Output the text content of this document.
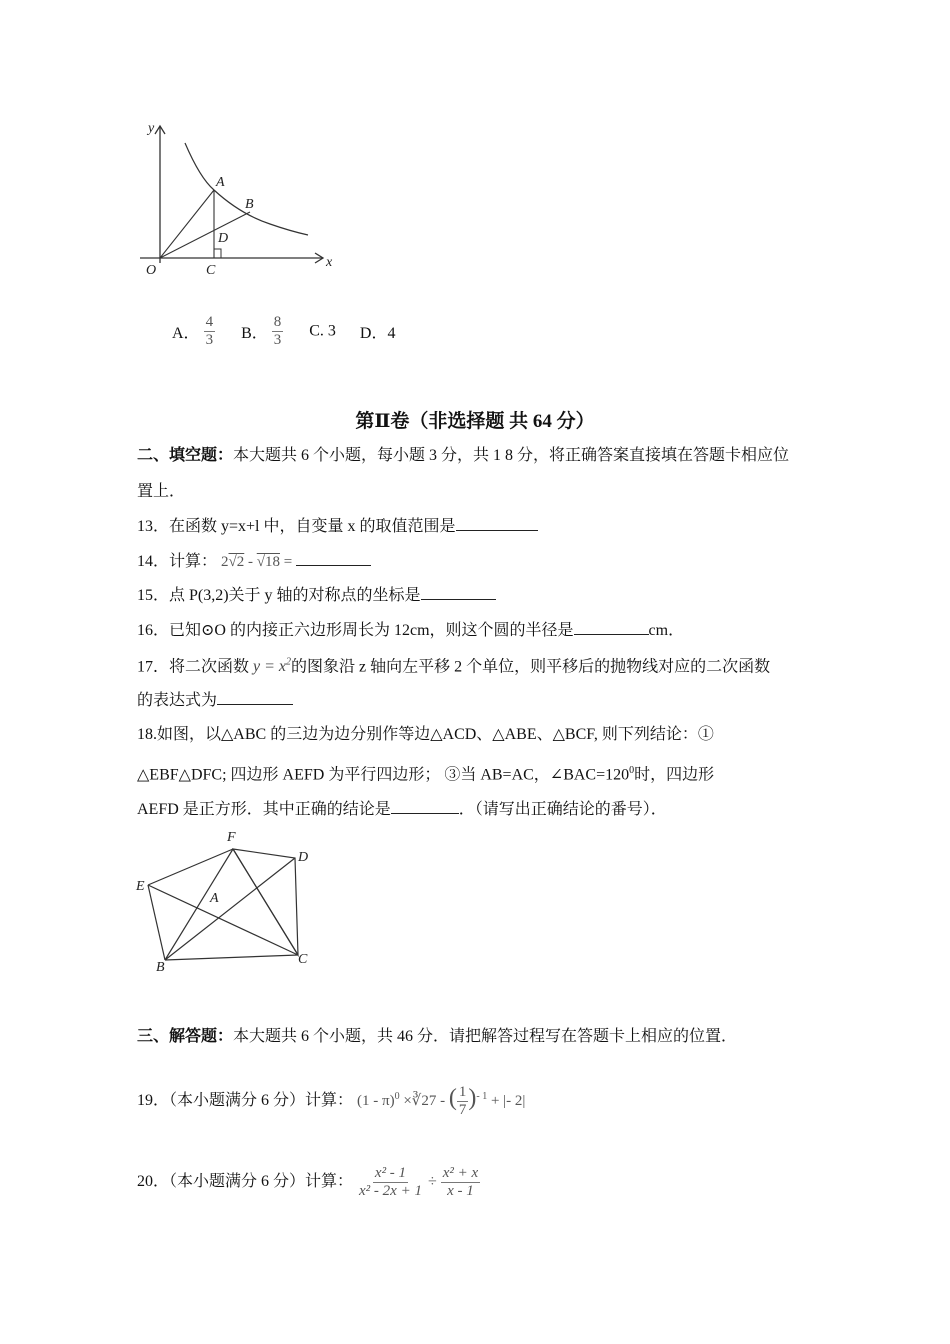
y
x
O
A
B
C
D
A． $\frac{4}{3}$ B． $\frac{8}{3} C$. 3 D．4
第Ⅱ卷（非选择题 共 64 分）
二、填空题：本大题共 6 个小题，每小题 3 分，共 1 8 分，将正确答案直接填在答题卡相应位
置上．
13．在函数 y=x+l 中，自变量 x 的取值范围是
14．计算： 2√2 - √18 =
15．点 P(3,2)关于 y 轴的对称点的坐标是
16．已知⊙O 的内接正六边形周长为 12cm，则这个圆的半径是	cm．
17．将二次函数 $y = x^2$的图象沿 z 轴向左平移 2 个单位，则平移后的抛物线对应的二次函数
的表达式为
18.如图，以△ABC 的三边为边分别作等边△ACD、△ABE、△BCF, 则下列结论：①
△EBF△DFC; 四边形 AEFD 为平行四边形； ③当 AB=AC，$\angle BAC=120^0$时，四边形
AEFD 是正方形．其中正确的结论是	．（请写出正确结论的番号）．
F
D
E
A
B
C
三、解答题：本大题共 6 个小题，共 46 分．请把解答过程写在答题卡上相应的位置．
19．（本小题满分 6 分）计算： (1 - π)$^0$ ×∛27 - ( $\frac{1}{7} )^{- 1}$ + |- 2|
20．（本小题满分 6 分）计算： $\frac{\text{x² - 1}}{\text{x² - 2x + 1}} \div \frac{\text{x² + x}}{x - 1}$
